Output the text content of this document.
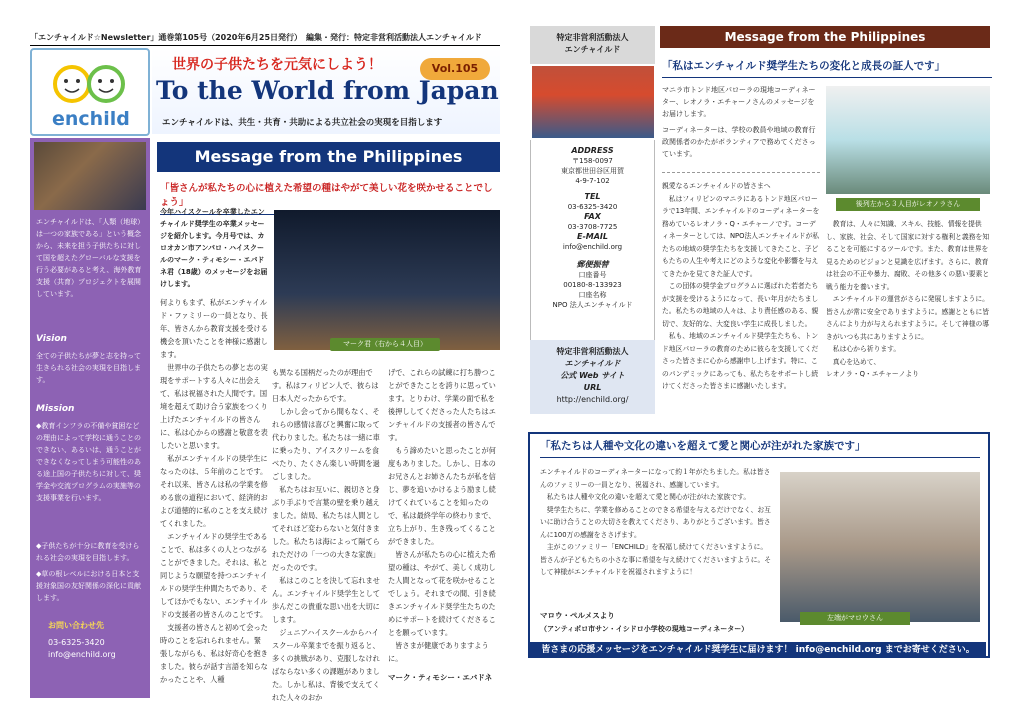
「エンチャイルド☆Newsletter」通巻第105号（2020年6月25日発行）　編集・発行：特定非営利活動法人エンチャイルド
enchild
世界の子供たちを元気にしよう！	Vol.105
To the World from Japan
エンチャイルドは、共生・共育・共助による共立社会の実現を目指します
エンチャイルドは、「人類（地球）は一つの家族である」という概念から、未来を担う子供たちに対して国を超えたグローバルな支援を行う必要があると考え、海外教育支援（共育）プロジェクトを展開しています。
Vision
全ての子供たちが夢と志を持って生きられる社会の実現を目指します。
Mission
◆教育インフラの不備や貧困などの理由によって学校に通うことのできない、あるいは、通うことができなくなってしまう可能性のある途上国の子供たちに対して、奨学金や交流プログラムの実施等の支援事業を行います。
◆子供たちが十分に教育を受けられる社会の実現を目指します。
◆草の根レベルにおける日本と支援対象国の友好関係の深化に貢献します。
お問い合わせ先
03-6325-3420
info@enchild.org
Message from the Philippines
「皆さんが私たちの心に植えた希望の種はやがて美しい花を咲かせることでしょう」
今年ハイスクールを卒業したエンチャイルド奨学生の卒業メッセージを紹介します。今月号では、カロオカン市アンパロ・ハイスクールのマーク・ティモシー・エバドネ君（18歳）のメッセージをお届けします。
マーク君（右から４人目）
何よりもまず、私がエンチャイルド・ファミリーの一員となり、長年、皆さんから教育支援を受ける機会を頂いたことを神様に感謝します。
　世界中の子供たちの夢と志の実現をサポートする人々に出会えて、私は祝福された人間です。国境を超えて助け合う家族をつくり上げたエンチャイルドの皆さんに、私は心からの感謝と敬意を表したいと思います。
　私がエンチャイルドの奨学生になったのは、５年前のことです。それ以来、皆さんは私の学業を修める旅の道程において、経済的および道徳的に私のことを支え続けてくれました。
　エンチャイルドの奨学生であることで、私は多くの人とつながることができました。それは、私と同じような願望を持つエンチャイルドの奨学生仲間たちであり、そしてほかでもない、エンチャイルドの支援者の皆さんのことです。
　支援者の皆さんと初めて会った時のことを忘れられません。緊張しながらも、私は好奇心を抱きました。彼らが話す言語を知らなかったことや、人種
も異なる国柄だったのが理由です。私はフィリピン人で、彼らは日本人だったからです。
　しかし会ってから間もなく、それらの感情は喜びと興奮に取って代わりました。私たちは一緒に車に乗ったり、アイスクリームを食べたり、たくさん楽しい時間を過ごしました。
　私たちはお互いに、親切さと身ぶり手ぶりで言葉の壁を乗り越えました。結局、私たちは人間としてそれほど変わらないと気付きました。私たちは海によって隔てられただけの「一つの大きな家族」だったのです。
　私はこのことを決して忘れません。エンチャイルド奨学生として歩んだこの貴重な思い出を大切にします。
　ジュニアハイスクールからハイスクール卒業までを振り返ると、多くの挑戦があり、克服しなければならない多くの課題がありました。しかし私は、背後で支えてくれた人々のおか
げで、これらの試練に打ち勝つことができたことを誇りに思っています。とりわけ、学業の面で私を後押ししてくださった人たちはエンチャイルドの支援者の皆さんです。
　もう諦めたいと思ったことが何度もありました。しかし、日本のお兄さんとお姉さんたちが私を信じ、夢を追いかけるよう励まし続けてくれていることを知ったので、私は最終学年の終わりまで、立ち上がり、生き残ってくることができました。
　皆さんが私たちの心に植えた希望の種は、やがて、美しく成功した人間となって花を咲かせることでしょう。それまでの間、引き続きエンチャイルド奨学生たちのためにサポートを続けてくださることを願っています。
　皆さまが健康でありますように。
マーク・ティモシー・エバドネ
特定非営利活動法人
エンチャイルド
ADDRESS
〒158-0097
東京都世田谷区用賀
4-9-7-102
TEL
03-6325-3420
FAX
03-3708-7725
E-MAIL
info@enchild.org
郵便振替
口座番号
00180-8-133923
口座名称
NPO 法人エンチャイルド
特定非営利活動法人
エンチャイルド
公式 Web サイト
URL
http://enchild.org/
Message from the Philippines
「私はエンチャイルド奨学生たちの変化と成長の証人です」
マニラ市トンド地区パローラの現地コーディネーター、レオノラ・エチャーノさんのメッセージをお届けします。
コーディネーターは、学校の教員や地域の教育行政関係者のかたがボランティアで務めてくださっています。
親愛なるエンチャイルドの皆さまへ
　私はフィリピンのマニラにあるトンド地区パローラで13年間、エンチャイルドのコーディネーターを務めているレオノラ・Q・エチャーノです。コーディネーターとしては、NPO法人エンチャイルドが私たちの地域の奨学生たちを支援してきたこと、子どもたちの人生や考えにどのような変化や影響を与えてきたかを見てきた証人です。
　この団体の奨学金プログラムに選ばれた若者たちが支援を受けるようになって、長い年月がたちました。私たちの地域の人々は、より責任感のある、親切で、友好的な、大変良い学生に成長しました。
　私も、地域のエンチャイルド奨学生たちも、トンド地区パローラの教育のために彼らを支援してくださった皆さまに心から感謝申し上げます。特に、このパンデミックにあっても、私たちをサポートし続けてくださった皆さまに感謝いたします。
後列左から３人目がレオノラさん
　教育は、人々に知識、スキル、技能、情報を提供し、家族、社会、そして国家に対する権利と義務を知ることを可能にするツールです。また、教育は世界を見るためのビジョンと見識を広げます。さらに、教育は社会の不正や暴力、腐敗、その他多くの悪い要素と戦う能力を養います。
　エンチャイルドの運営がさらに発展しますように。皆さんが常に安全でありますように。感謝とともに皆さんにより力が与えられますように。そして神様の導きがいつも共にありますように。
　私は心から祈ります。
　真心を込めて、
レオノラ・Q・エチャーノより
「私たちは人種や文化の違いを超えて愛と関心が注がれた家族です」
エンチャイルドのコーディネーターになって約１年がたちました。私は皆さんのファミリーの一員となり、祝福され、感謝しています。
　私たちは人種や文化の違いを超えて愛と関心が注がれた家族です。
　奨学生たちに、学業を修めることのできる希望を与えるだけでなく、お互いに助け合うことの大切さを教えてくださり、ありがとうございます。皆さんに100万の感謝をささげます。
　主がこのファミリー「ENCHILD」を祝福し続けてくださいますように。皆さんが子どもたちの小さな事に希望を与え続けてくださいますように。そして神様がエンチャイルドを祝福されますように！
マロウ・ペルメスより
（アンティポロ市サン・イシドロ小学校の現地コーディネーター）
左端がマロウさん
皆さまの応援メッセージをエンチャイルド奨学生に届けます！ info@enchild.org までお寄せください。
